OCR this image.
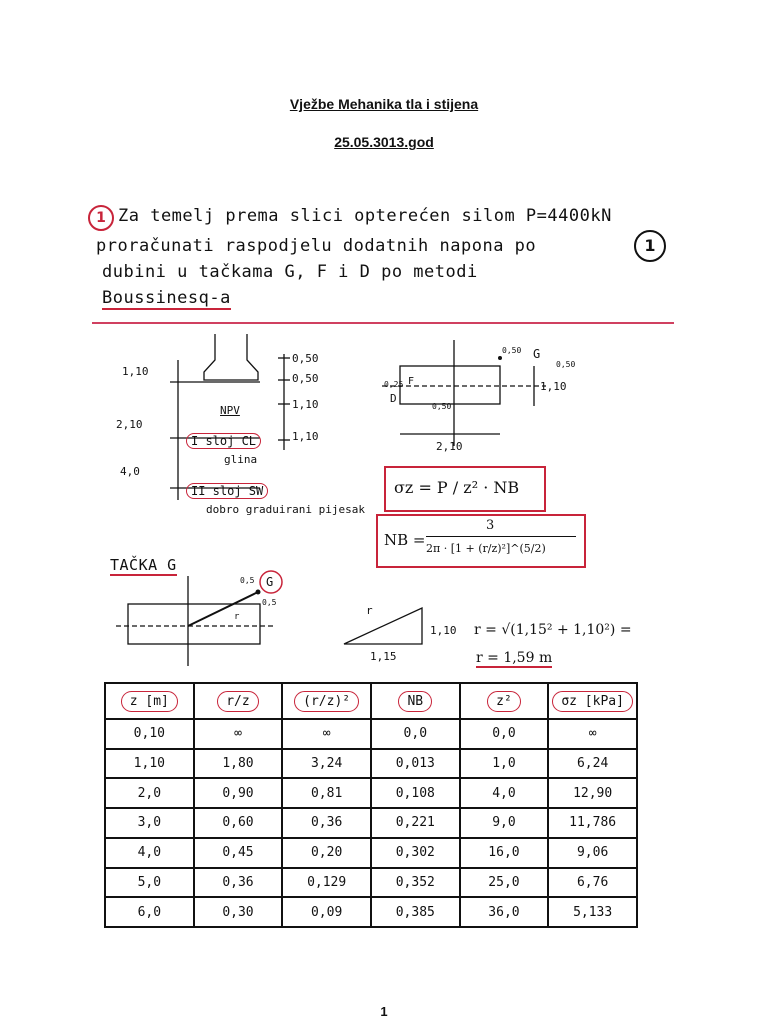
Vježbe Mehanika tla i stijena
25.05.3013.god
1 Za temelj prema slici opterećen silom P=4400kN
proračunati raspodjelu dodatnih napona po	1
dubini u tačkama G, F i D po metodi
Boussinesq-a
1,10
2,10
4,0
0,50
0,50
1,10
1,10
NPV
I sloj CL
glina
II sloj SW
dobro graduirani pijesak
G
0,50
0,50
F
D
0,25
0,50
2,10
1,10
σz = P / z² · NB
NB =
3
2π · [1 + (r/z)²]^(5/2)
TAČKA G
G
0,5
0,5
r	r
1,10
1,15
r = √(1,15² + 1,10²) =
r = 1,59 m
z [m]	r/z	(r/z)²	NB	z²	σz [kPa]
0,10	∞	∞	0,0	0,0	∞
1,10	1,80	3,24	0,013	1,0	6,24
2,0	0,90	0,81	0,108	4,0	12,90
3,0	0,60	0,36	0,221	9,0	11,786
4,0	0,45	0,20	0,302	16,0	9,06
5,0	0,36	0,129	0,352	25,0	6,76
6,0	0,30	0,09	0,385	36,0	5,133
1
